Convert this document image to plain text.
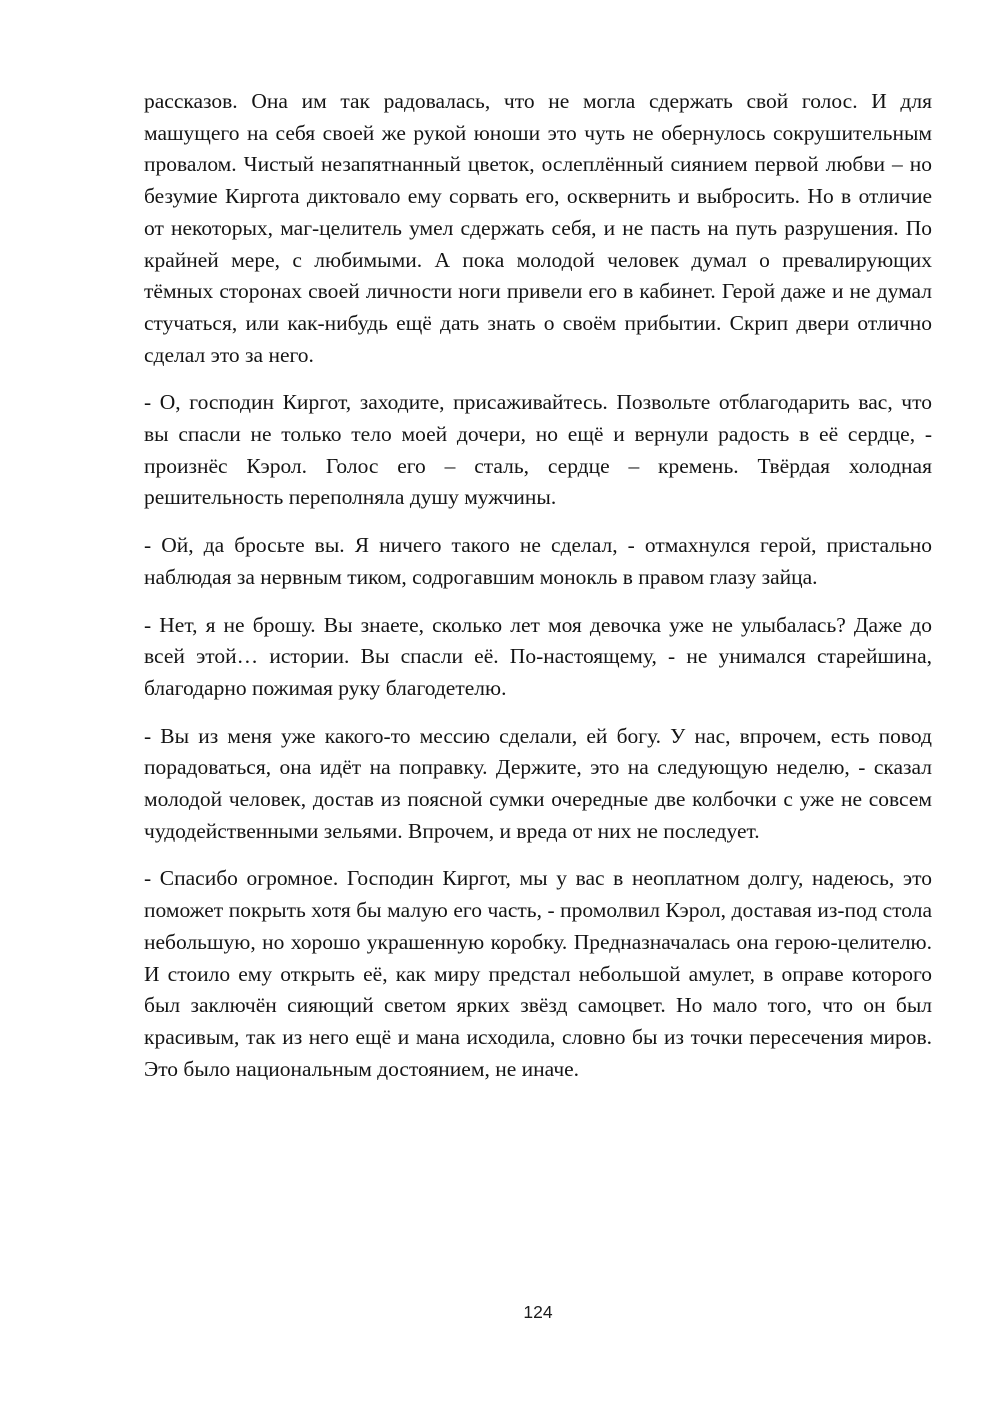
рассказов. Она им так радовалась, что не могла сдержать свой голос. И для машущего на себя своей же рукой юноши это чуть не обернулось сокрушительным провалом. Чистый незапятнанный цветок, ослеплённый сиянием первой любви – но безумие Киргота диктовало ему сорвать его, осквернить и выбросить. Но в отличие от некоторых, маг-целитель умел сдержать себя, и не пасть на путь разрушения. По крайней мере, с любимыми. А пока молодой человек думал о превалирующих тёмных сторонах своей личности ноги привели его в кабинет. Герой даже и не думал стучаться, или как-нибудь ещё дать знать о своём прибытии. Скрип двери отлично сделал это за него.

- О, господин Киргот, заходите, присаживайтесь. Позвольте отблагодарить вас, что вы спасли не только тело моей дочери, но ещё и вернули радость в её сердце, - произнёс Кэрол. Голос его – сталь, сердце – кремень. Твёрдая холодная решительность переполняла душу мужчины.

- Ой, да бросьте вы. Я ничего такого не сделал, - отмахнулся герой, пристально наблюдая за нервным тиком, содрогавшим монокль в правом глазу зайца.

- Нет, я не брошу. Вы знаете, сколько лет моя девочка уже не улыбалась? Даже до всей этой… истории. Вы спасли её. По-настоящему, - не унимался старейшина, благодарно пожимая руку благодетелю.

- Вы из меня уже какого-то мессию сделали, ей богу. У нас, впрочем, есть повод порадоваться, она идёт на поправку. Держите, это на следующую неделю, - сказал молодой человек, достав из поясной сумки очередные две колбочки с уже не совсем чудодейственными зельями. Впрочем, и вреда от них не последует.

- Спасибо огромное. Господин Киргот, мы у вас в неоплатном долгу, надеюсь, это поможет покрыть хотя бы малую его часть, - промолвил Кэрол, доставая из-под стола небольшую, но хорошо украшенную коробку. Предназначалась она герою-целителю. И стоило ему открыть её, как миру предстал небольшой амулет, в оправе которого был заключён сияющий светом ярких звёзд самоцвет. Но мало того, что он был красивым, так из него ещё и мана исходила, словно бы из точки пересечения миров. Это было национальным достоянием, не иначе.

124
